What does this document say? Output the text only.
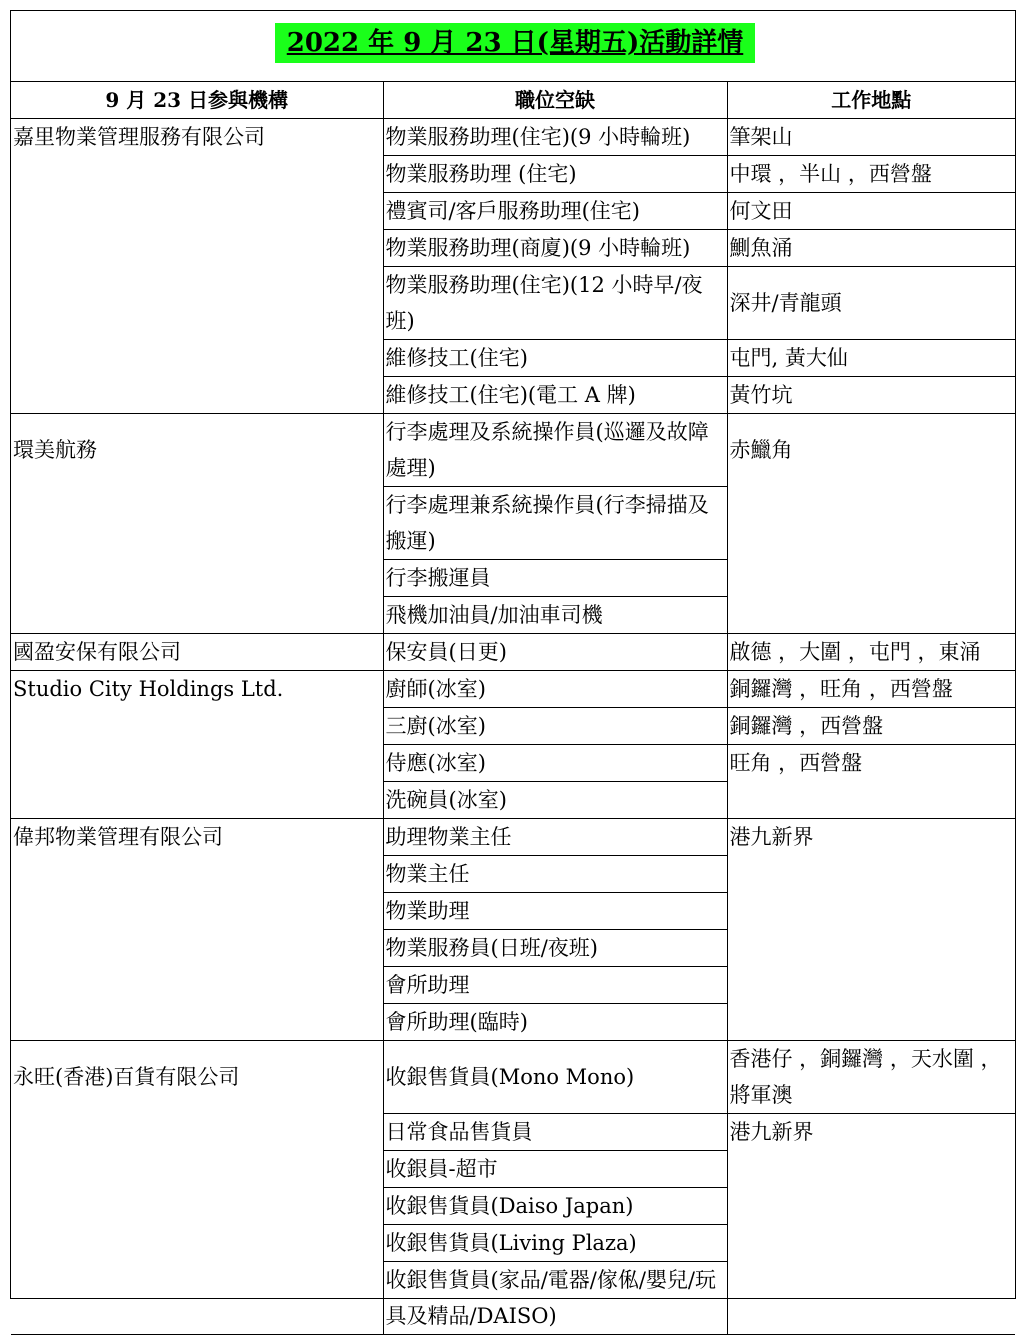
2022 年 9 月 23 日(星期五)活動詳情
9 月 23 日参與機構	職位空缺	工作地點
嘉里物業管理服務有限公司	物業服務助理(住宅)(9 小時輪班)	筆架山
	物業服務助理 (住宅)	中環 ，半山 ，西營盤
	禮賓司/客戶服務助理(住宅)	何文田
	物業服務助理(商廈)(9 小時輪班)	鰂魚涌
	物業服務助理(住宅)(12 小時早/夜班)	深井/青龍頭
	維修技工(住宅)	屯門, 黃大仙
	維修技工(住宅)(電工 A 牌)	黃竹坑

環美航務	行李處理及系統操作員(巡邏及故障處理)	赤鱲角

	行李處理兼系統操作員(行李掃描及搬運)	
	行李搬運員	
	飛機加油員/加油車司機	
國盈安保有限公司	保安員(日更)	啟德 ，大圍 ，屯門 ，東涌
Studio City Holdings Ltd.	廚師(冰室)	銅鑼灣 ，旺角 ，西營盤
	三廚(冰室)	銅鑼灣 ，西營盤
	侍應(冰室)	旺角 ，西營盤
	洗碗員(冰室)	
偉邦物業管理有限公司	助理物業主任	港九新界
	物業主任	
	物業助理	
	物業服務員(日班/夜班)	
	會所助理	
	會所助理(臨時)	

永旺(香港)百貨有限公司	收銀售貨員(Mono Mono)	香港仔 ，銅鑼灣 ，天水圍 ，將軍澳
	日常食品售貨員	港九新界
	收銀員-超市	
	收銀售貨員(Daiso Japan)	
	收銀售貨員(Living Plaza)	
	收銀售貨員(家品/電器/傢俬/嬰兒/玩具及精品/DAISO)	
